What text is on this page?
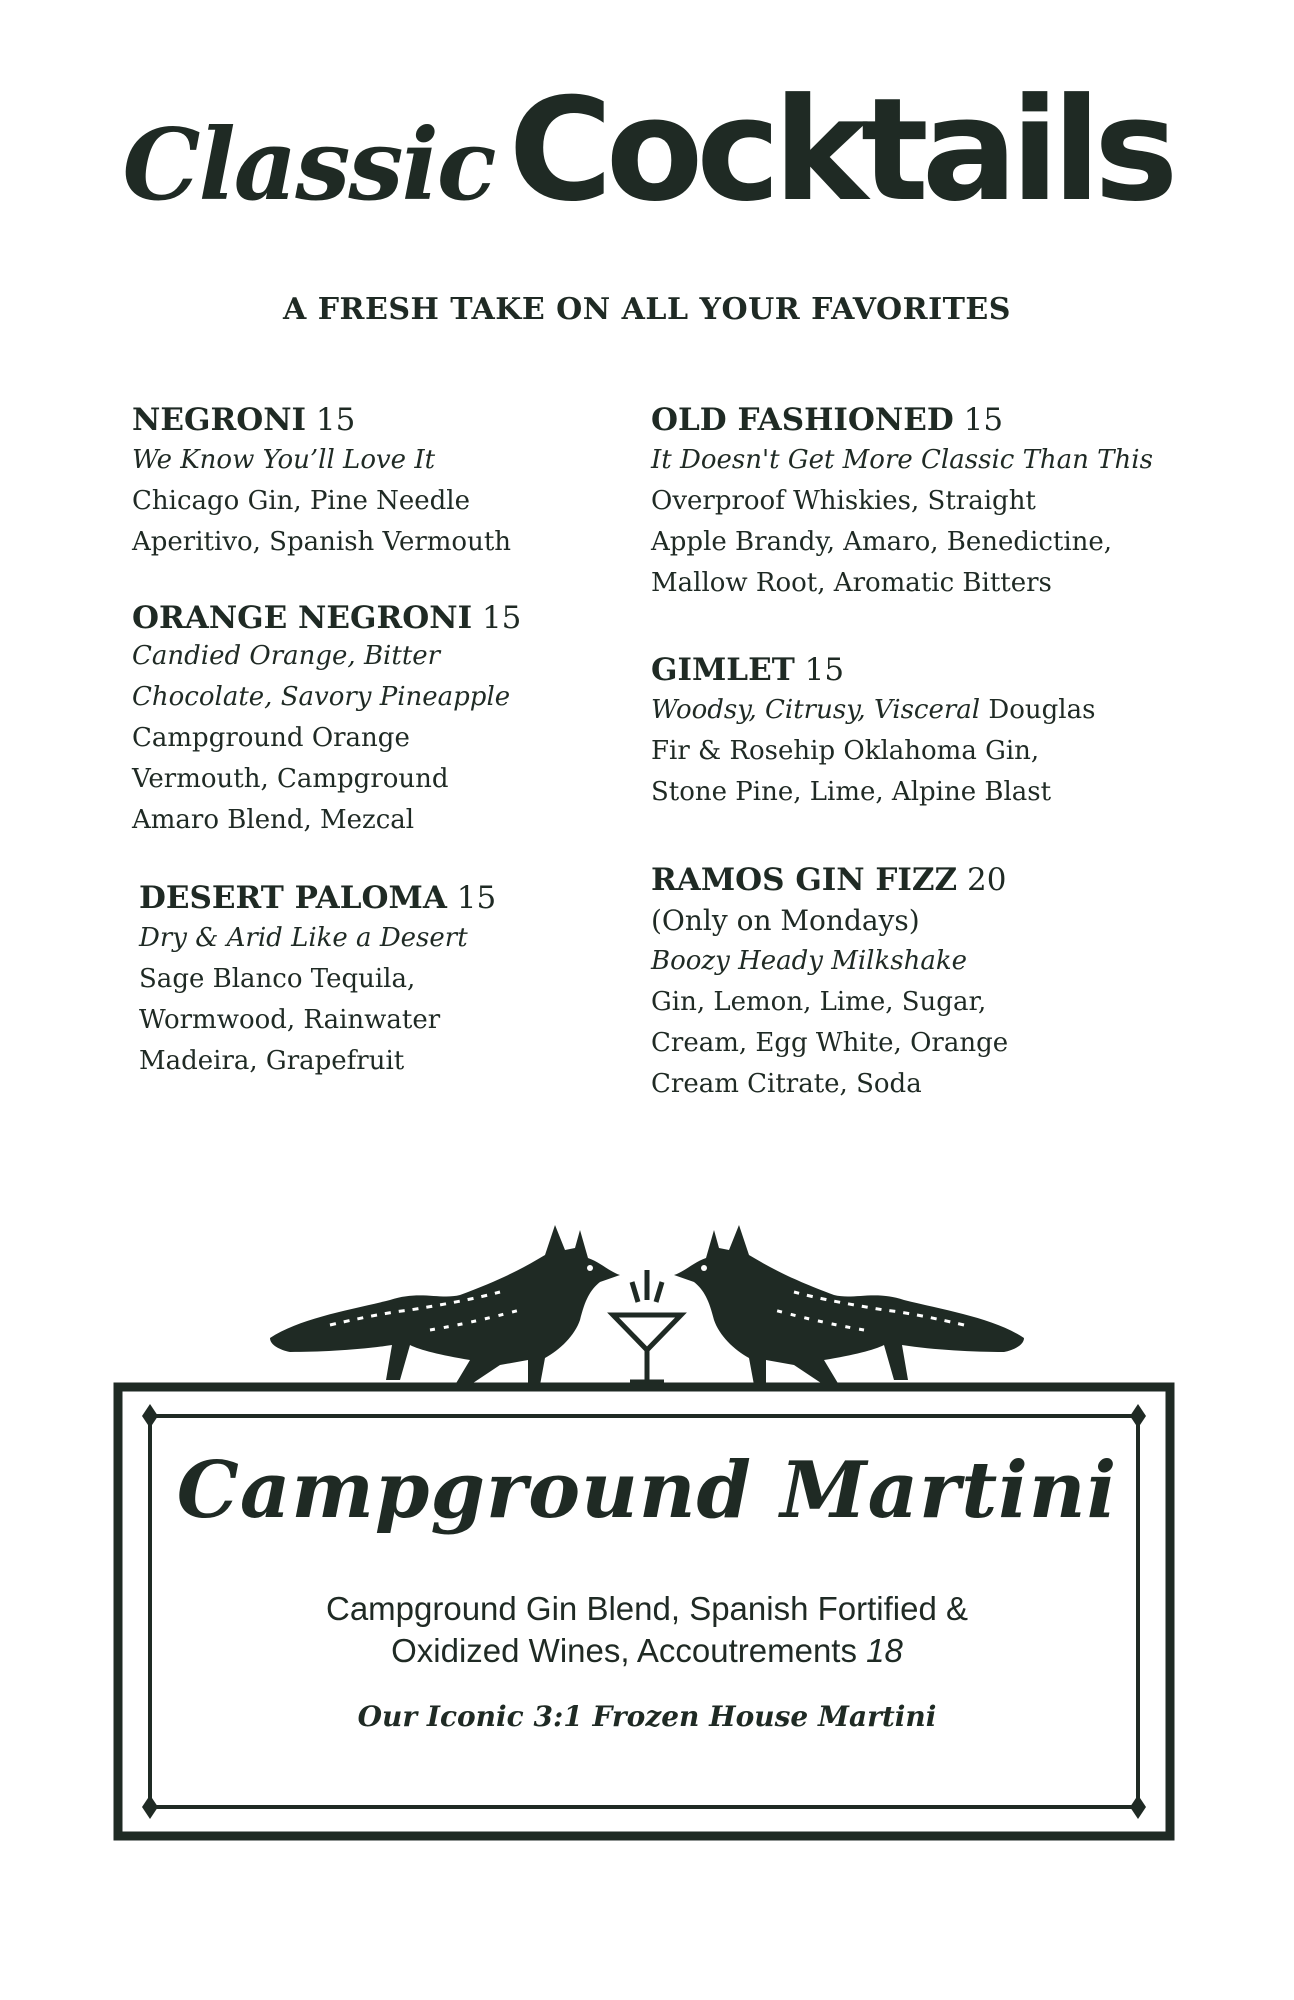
ClassicCocktails
A FRESH TAKE ON ALL YOUR FAVORITES
NEGRONI 15
We Know You’ll Love It
Chicago Gin, Pine Needle
Aperitivo, Spanish Vermouth
ORANGE NEGRONI 15
Candied Orange, Bitter
Chocolate, Savory Pineapple
Campground Orange
Vermouth, Campground
Amaro Blend, Mezcal
DESERT PALOMA 15
Dry & Arid Like a Desert
Sage Blanco Tequila,
Wormwood, Rainwater
Madeira, Grapefruit
OLD FASHIONED 15
It Doesn't Get More Classic Than This
Overproof Whiskies, Straight
Apple Brandy, Amaro, Benedictine,
Mallow Root, Aromatic Bitters
GIMLET 15
Woodsy, Citrusy, Visceral Douglas
Fir & Rosehip Oklahoma Gin,
Stone Pine, Lime, Alpine Blast
RAMOS GIN FIZZ 20
(Only on Mondays)
Boozy Heady Milkshake
Gin, Lemon, Lime, Sugar,
Cream, Egg White, Orange
Cream Citrate, Soda
Campground Martini
Campground Gin Blend, Spanish Fortified &
Oxidized Wines, Accoutrements 18
Our Iconic 3:1 Frozen House Martini
